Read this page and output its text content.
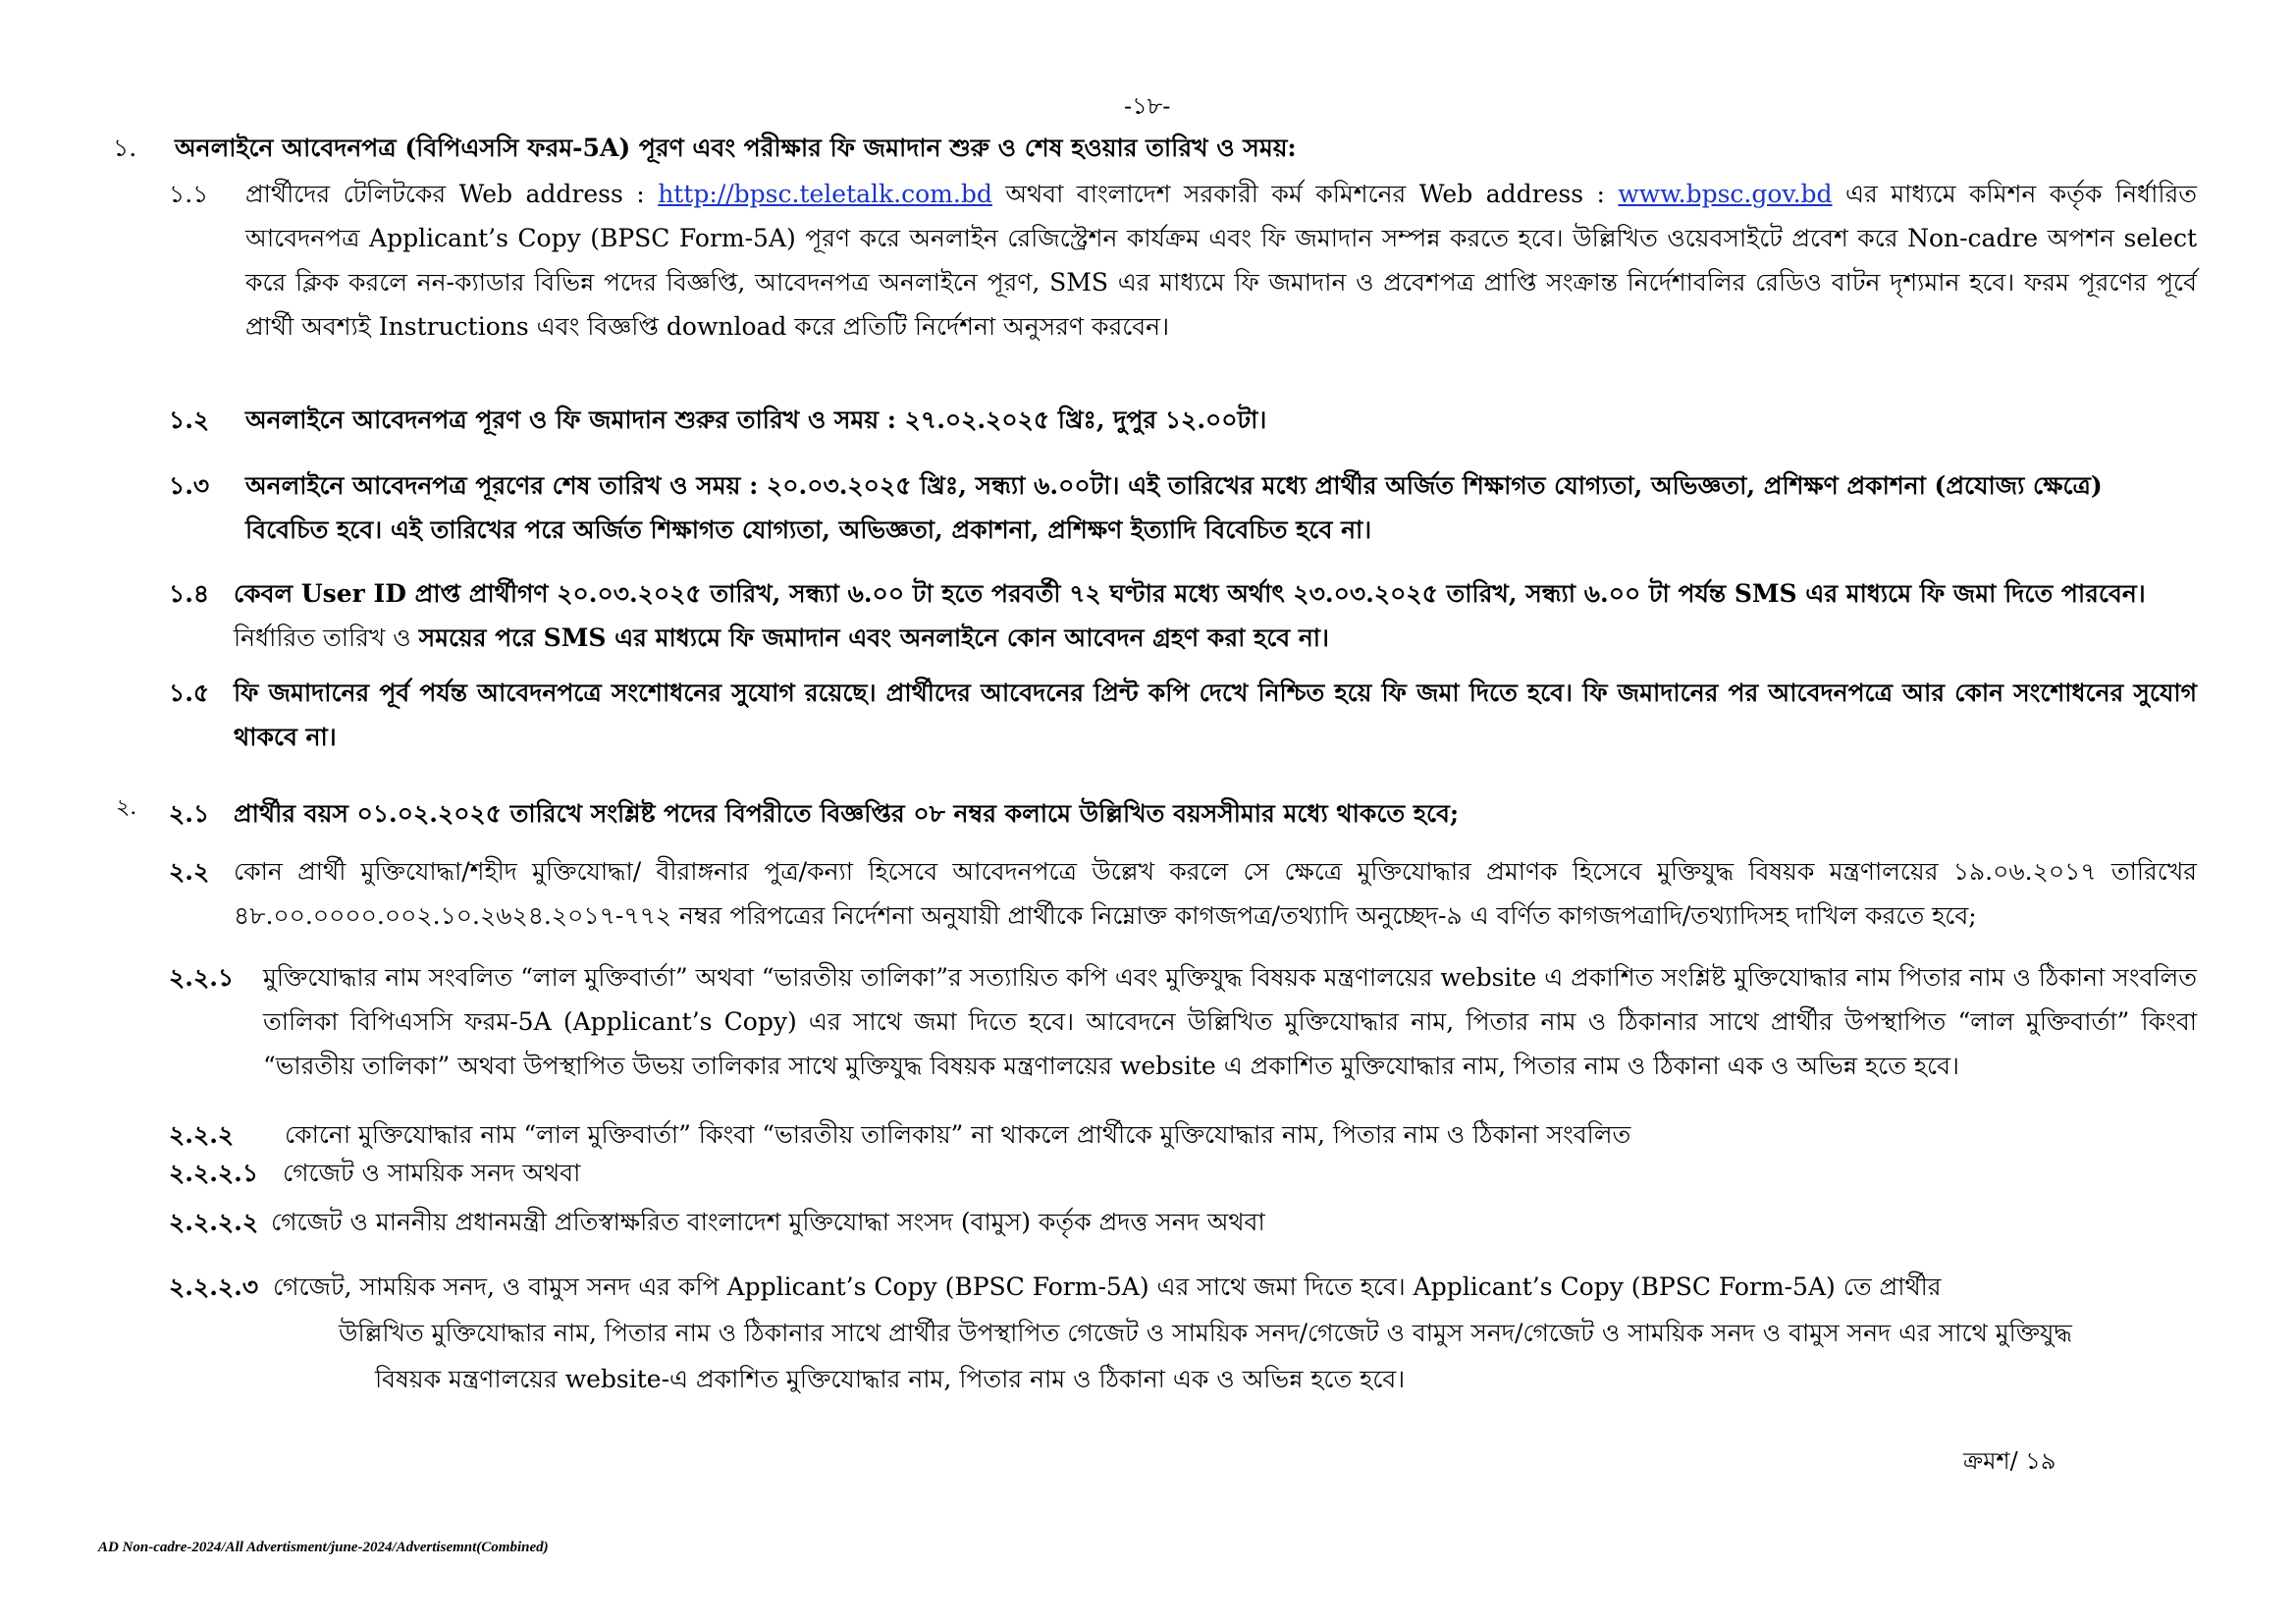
-১৮-
১. অনলাইনে আবেদনপত্র (বিপিএসসি ফরম-5A) পূরণ এবং পরীক্ষার ফি জমাদান শুরু ও শেষ হওয়ার তারিখ ও সময়:
১.১ প্রার্থীদের টেলিটকের Web address : http://bpsc.teletalk.com.bd অথবা বাংলাদেশ সরকারী কর্ম কমিশনের Web address : www.bpsc.gov.bd এর মাধ্যমে কমিশন কর্তৃক নির্ধারিত আবেদনপত্র Applicant’s Copy (BPSC Form-5A) পূরণ করে অনলাইন রেজিস্ট্রেশন কার্যক্রম এবং ফি জমাদান সম্পন্ন করতে হবে। উল্লিখিত ওয়েবসাইটে প্রবেশ করে Non-cadre অপশন select করে ক্লিক করলে নন-ক্যাডার বিভিন্ন পদের বিজ্ঞপ্তি, আবেদনপত্র অনলাইনে পূরণ, SMS এর মাধ্যমে ফি জমাদান ও প্রবেশপত্র প্রাপ্তি সংক্রান্ত নির্দেশাবলির রেডিও বাটন দৃশ্যমান হবে। ফরম পূরণের পূর্বে প্রার্থী অবশ্যই Instructions এবং বিজ্ঞপ্তি download করে প্রতিটি নির্দেশনা অনুসরণ করবেন।
১.২ অনলাইনে আবেদনপত্র পূরণ ও ফি জমাদান শুরুর তারিখ ও সময় : ২৭.০২.২০২৫ খ্রিঃ, দুপুর ১২.০০টা।
১.৩ অনলাইনে আবেদনপত্র পূরণের শেষ তারিখ ও সময় : ২০.০৩.২০২৫ খ্রিঃ, সন্ধ্যা ৬.০০টা। এই তারিখের মধ্যে প্রার্থীর অর্জিত শিক্ষাগত যোগ্যতা, অভিজ্ঞতা, প্রশিক্ষণ প্রকাশনা (প্রযোজ্য ক্ষেত্রে) বিবেচিত হবে। এই তারিখের পরে অর্জিত শিক্ষাগত যোগ্যতা, অভিজ্ঞতা, প্রকাশনা, প্রশিক্ষণ ইত্যাদি বিবেচিত হবে না।
১.৪ কেবল User ID প্রাপ্ত প্রার্থীগণ ২০.০৩.২০২৫ তারিখ, সন্ধ্যা ৬.০০ টা হতে পরবর্তী ৭২ ঘণ্টার মধ্যে অর্থাৎ ২৩.০৩.২০২৫ তারিখ, সন্ধ্যা ৬.০০ টা পর্যন্ত SMS এর মাধ্যমে ফি জমা দিতে পারবেন। নির্ধারিত তারিখ ও সময়ের পরে SMS এর মাধ্যমে ফি জমাদান এবং অনলাইনে কোন আবেদন গ্রহণ করা হবে না।
১.৫ ফি জমাদানের পূর্ব পর্যন্ত আবেদনপত্রে সংশোধনের সুযোগ রয়েছে। প্রার্থীদের আবেদনের প্রিন্ট কপি দেখে নিশ্চিত হয়ে ফি জমা দিতে হবে। ফি জমাদানের পর আবেদনপত্রে আর কোন সংশোধনের সুযোগ থাকবে না।
২. ২.১ প্রার্থীর বয়স ০১.০২.২০২৫ তারিখে সংশ্লিষ্ট পদের বিপরীতে বিজ্ঞপ্তির ০৮ নম্বর কলামে উল্লিখিত বয়সসীমার মধ্যে থাকতে হবে;
২.২ কোন প্রার্থী মুক্তিযোদ্ধা/শহীদ মুক্তিযোদ্ধা/ বীরাঙ্গনার পুত্র/কন্যা হিসেবে আবেদনপত্রে উল্লেখ করলে সে ক্ষেত্রে মুক্তিযোদ্ধার প্রমাণক হিসেবে মুক্তিযুদ্ধ বিষয়ক মন্ত্রণালয়ের ১৯.০৬.২০১৭ তারিখের ৪৮.০০.০০০০.০০২.১০.২৬২৪.২০১৭-৭৭২ নম্বর পরিপত্রের নির্দেশনা অনুযায়ী প্রার্থীকে নিম্নোক্ত কাগজপত্র/তথ্যাদি অনুচ্ছেদ-৯ এ বর্ণিত কাগজপত্রাদি/তথ্যাদিসহ দাখিল করতে হবে;
২.২.১ মুক্তিযোদ্ধার নাম সংবলিত “লাল মুক্তিবার্তা” অথবা “ভারতীয় তালিকা”র সত্যায়িত কপি এবং মুক্তিযুদ্ধ বিষয়ক মন্ত্রণালয়ের website এ প্রকাশিত সংশ্লিষ্ট মুক্তিযোদ্ধার নাম পিতার নাম ও ঠিকানা সংবলিত তালিকা বিপিএসসি ফরম-5A (Applicant’s Copy) এর সাথে জমা দিতে হবে। আবেদনে উল্লিখিত মুক্তিযোদ্ধার নাম, পিতার নাম ও ঠিকানার সাথে প্রার্থীর উপস্থাপিত “লাল মুক্তিবার্তা” কিংবা “ভারতীয় তালিকা” অথবা উপস্থাপিত উভয় তালিকার সাথে মুক্তিযুদ্ধ বিষয়ক মন্ত্রণালয়ের website এ প্রকাশিত মুক্তিযোদ্ধার নাম, পিতার নাম ও ঠিকানা এক ও অভিন্ন হতে হবে।
২.২.২ কোনো মুক্তিযোদ্ধার নাম “লাল মুক্তিবার্তা” কিংবা “ভারতীয় তালিকায়” না থাকলে প্রার্থীকে মুক্তিযোদ্ধার নাম, পিতার নাম ও ঠিকানা সংবলিত
২.২.২.১ গেজেট ও সাময়িক সনদ অথবা
২.২.২.২ গেজেট ও মাননীয় প্রধানমন্ত্রী প্রতিস্বাক্ষরিত বাংলাদেশ মুক্তিযোদ্ধা সংসদ (বামুস) কর্তৃক প্রদত্ত সনদ অথবা
২.২.২.৩ গেজেট, সাময়িক সনদ, ও বামুস সনদ এর কপি Applicant’s Copy (BPSC Form-5A) এর সাথে জমা দিতে হবে। Applicant’s Copy (BPSC Form-5A) তে প্রার্থীর
উল্লিখিত মুক্তিযোদ্ধার নাম, পিতার নাম ও ঠিকানার সাথে প্রার্থীর উপস্থাপিত গেজেট ও সাময়িক সনদ/গেজেট ও বামুস সনদ/গেজেট ও সাময়িক সনদ ও বামুস সনদ এর সাথে মুক্তিযুদ্ধ
বিষয়ক মন্ত্রণালয়ের website-এ প্রকাশিত মুক্তিযোদ্ধার নাম, পিতার নাম ও ঠিকানা এক ও অভিন্ন হতে হবে।
ক্রমশ/ ১৯
AD Non-cadre-2024/All Advertisment/june-2024/Advertisemnt(Combined)
